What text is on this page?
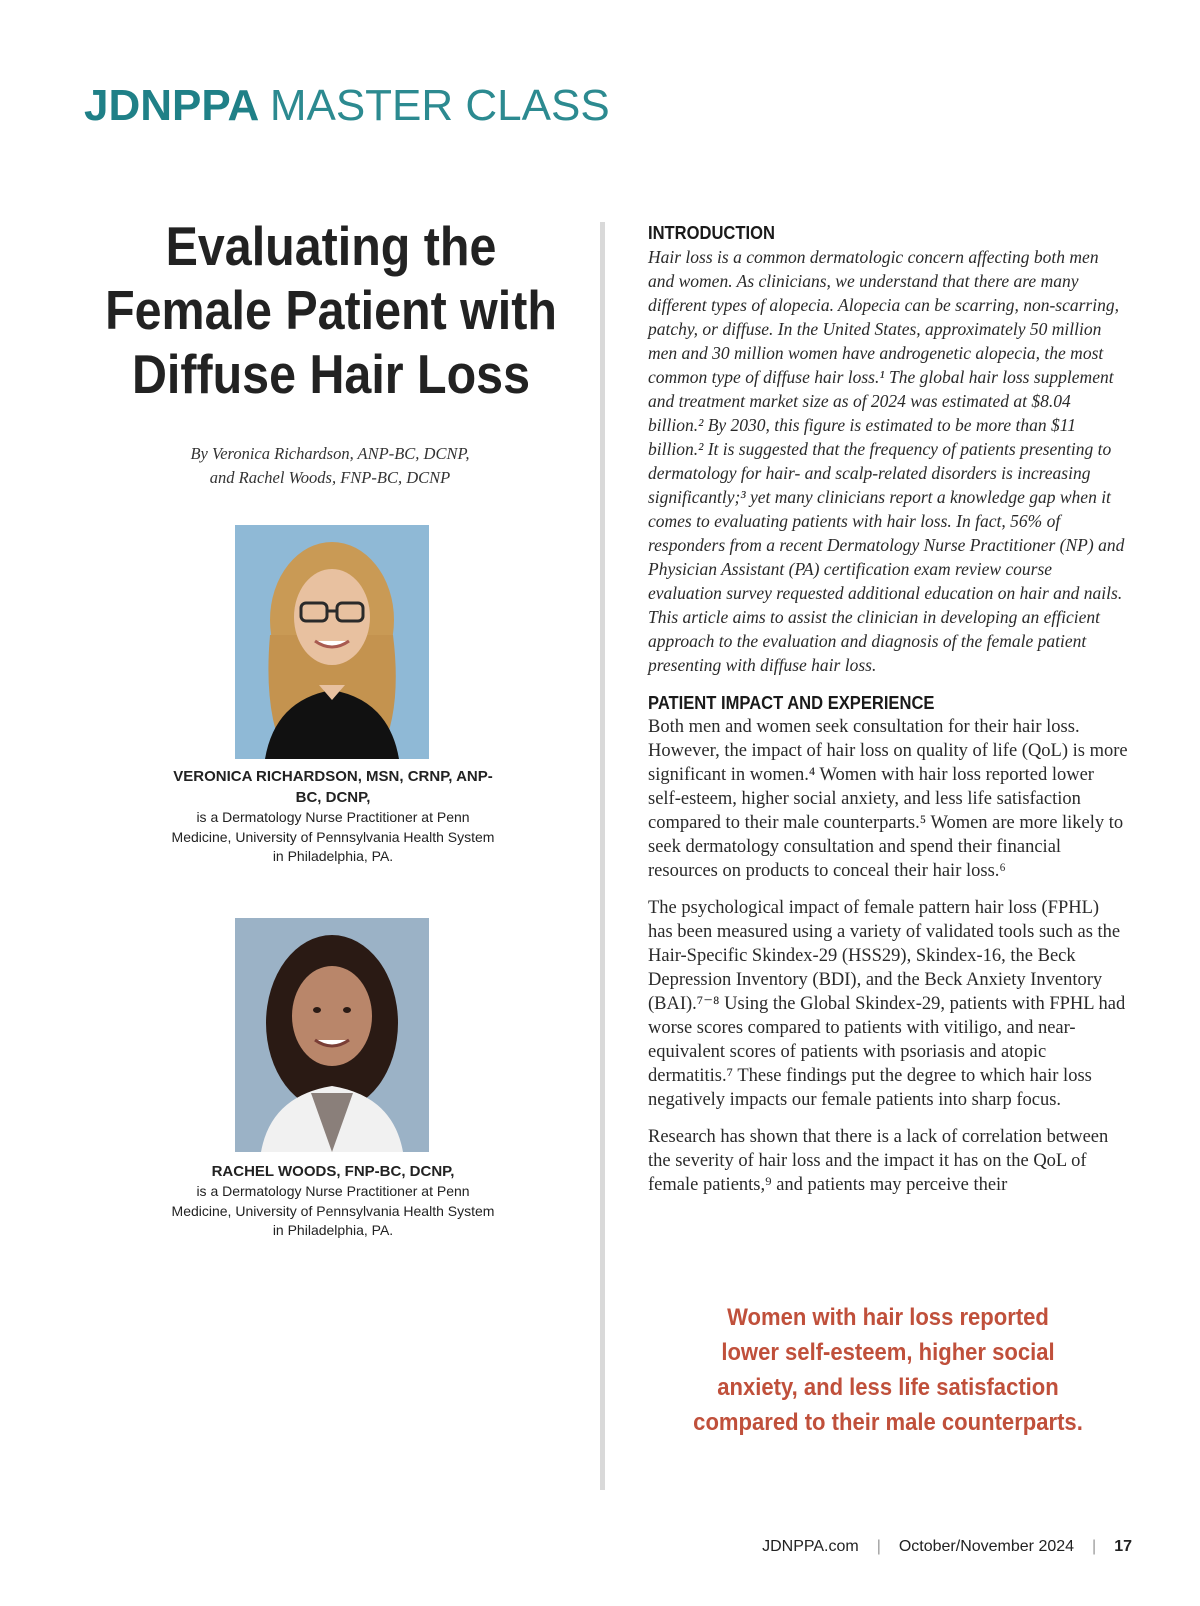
JDNPPA MASTER CLASS
Evaluating the Female Patient with Diffuse Hair Loss

By Veronica Richardson, ANP-BC, DCNP,
and Rachel Woods, FNP-BC, DCNP

VERONICA RICHARDSON, MSN, CRNP, ANP-BC, DCNP,
is a Dermatology Nurse Practitioner at Penn Medicine, University of Pennsylvania Health System in Philadelphia, PA.

RACHEL WOODS, FNP-BC, DCNP,
is a Dermatology Nurse Practitioner at Penn Medicine, University of Pennsylvania Health System in Philadelphia, PA.

INTRODUCTION

Hair loss is a common dermatologic concern affecting both men and women. As clinicians, we understand that there are many different types of alopecia. Alopecia can be scarring, non-scarring, patchy, or diffuse. In the United States, approximately 50 million men and 30 million women have androgenetic alopecia, the most common type of diffuse hair loss.¹ The global hair loss supplement and treatment market size as of 2024 was estimated at $8.04 billion.² By 2030, this figure is estimated to be more than $11 billion.² It is suggested that the frequency of patients presenting to dermatology for hair- and scalp-related disorders is increasing significantly;³ yet many clinicians report a knowledge gap when it comes to evaluating patients with hair loss. In fact, 56% of responders from a recent Dermatology Nurse Practitioner (NP) and Physician Assistant (PA) certification exam review course evaluation survey requested additional education on hair and nails. This article aims to assist the clinician in developing an efficient approach to the evaluation and diagnosis of the female patient presenting with diffuse hair loss.

PATIENT IMPACT AND EXPERIENCE

Both men and women seek consultation for their hair loss. However, the impact of hair loss on quality of life (QoL) is more significant in women.⁴ Women with hair loss reported lower self-esteem, higher social anxiety, and less life satisfaction compared to their male counterparts.⁵ Women are more likely to seek dermatology consultation and spend their financial resources on products to conceal their hair loss.⁶

The psychological impact of female pattern hair loss (FPHL) has been measured using a variety of validated tools such as the Hair-Specific Skindex-29 (HSS29), Skindex-16, the Beck Depression Inventory (BDI), and the Beck Anxiety Inventory (BAI).⁷⁻⁸ Using the Global Skindex-29, patients with FPHL had worse scores compared to patients with vitiligo, and near-equivalent scores of patients with psoriasis and atopic dermatitis.⁷ These findings put the degree to which hair loss negatively impacts our female patients into sharp focus.

Research has shown that there is a lack of correlation between the severity of hair loss and the impact it has on the QoL of female patients,⁹ and patients may perceive their

Women with hair loss reported
lower self-esteem, higher social
anxiety, and less life satisfaction
compared to their male counterparts.

JDNPPA.com | October/November 2024 | 17
